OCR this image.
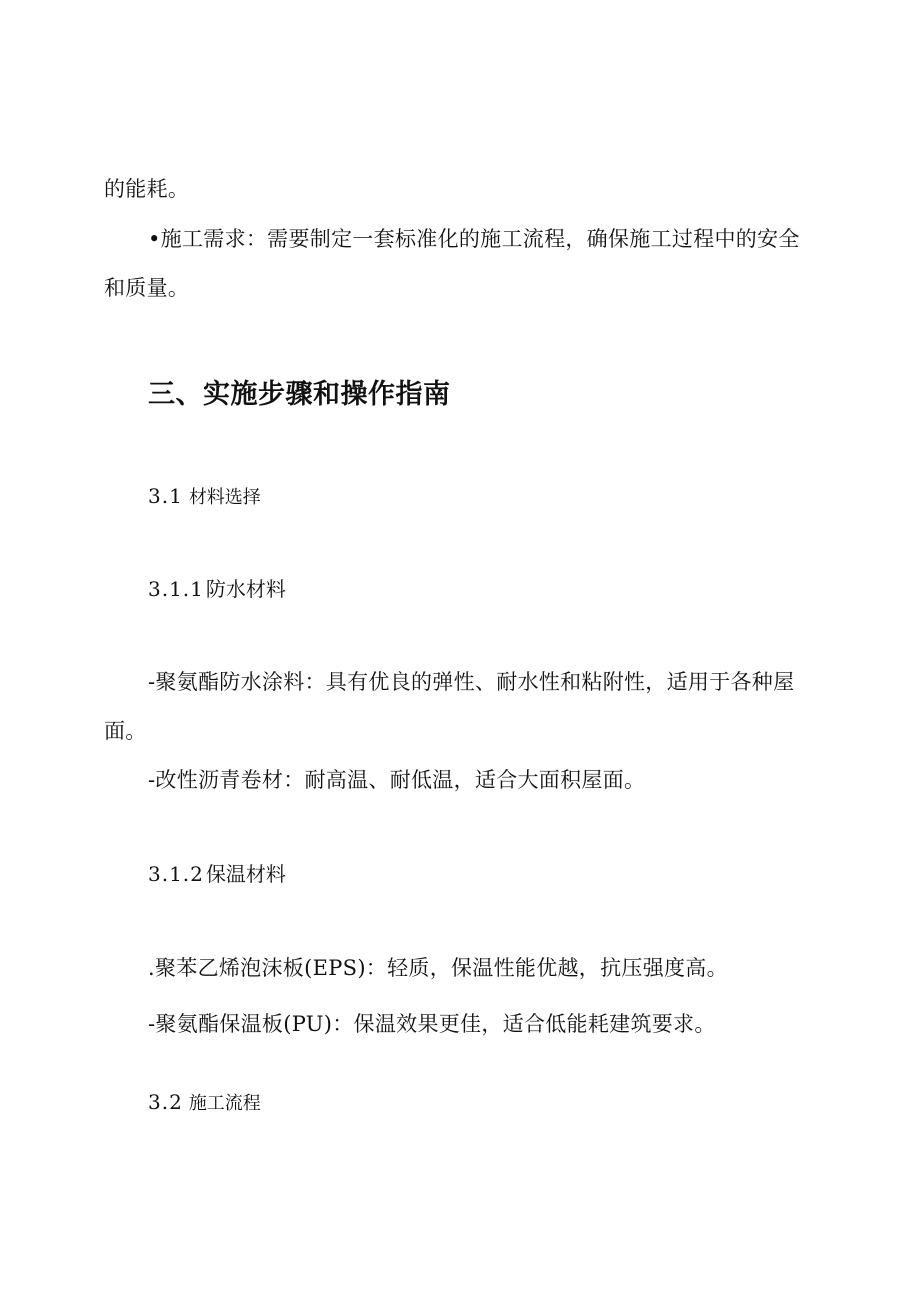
的能耗。
•施工需求：需要制定一套标准化的施工流程，确保施工过程中的安全
和质量。
三、实施步骤和操作指南
3.1 材料选择
3.1.1 防水材料
-聚氨酯防水涂料：具有优良的弹性、耐水性和粘附性，适用于各种屋
面。
-改性沥青卷材：耐高温、耐低温，适合大面积屋面。
3.1.2 保温材料
.聚苯乙烯泡沫板(EPS)：轻质，保温性能优越，抗压强度高。
-聚氨酯保温板(PU)：保温效果更佳，适合低能耗建筑要求。
3.2 施工流程
